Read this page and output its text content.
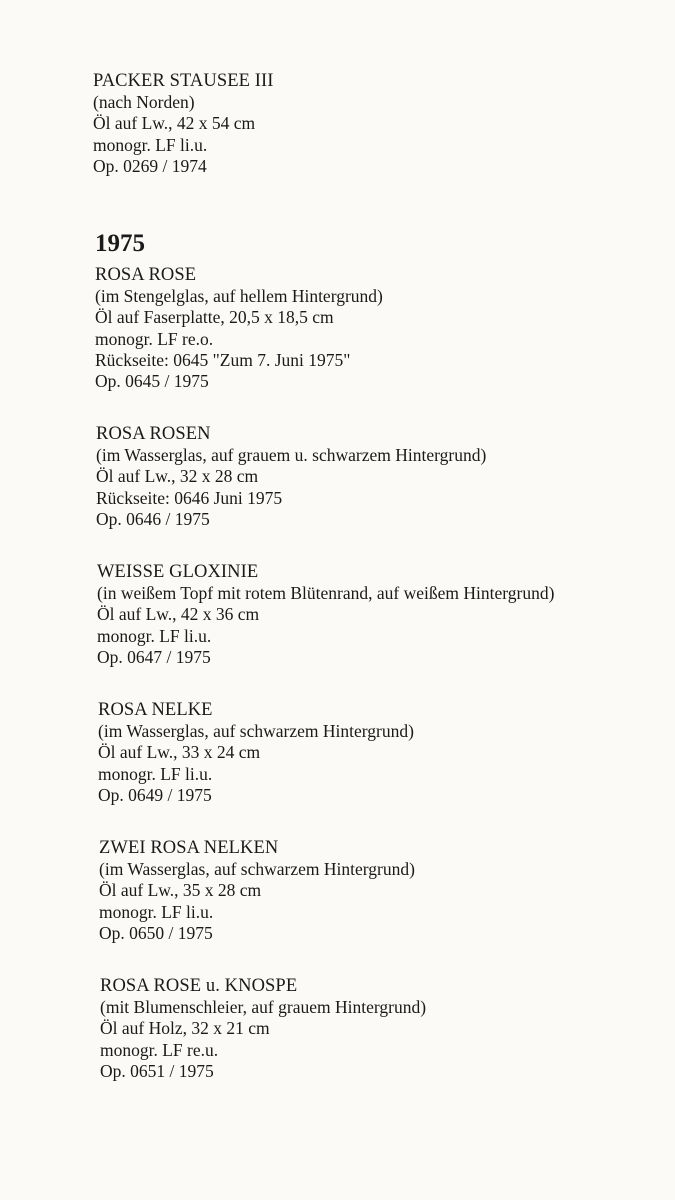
PACKER STAUSEE III
(nach Norden)
Öl auf Lw., 42 x 54 cm
monogr. LF li.u.
Op. 0269 / 1974
1975
ROSA ROSE
(im Stengelglas, auf hellem Hintergrund)
Öl auf Faserplatte, 20,5 x 18,5 cm
monogr. LF re.o.
Rückseite: 0645 "Zum 7. Juni 1975"
Op. 0645 / 1975
ROSA ROSEN
(im Wasserglas, auf grauem u. schwarzem Hintergrund)
Öl auf Lw., 32 x 28 cm
Rückseite: 0646 Juni 1975
Op. 0646 / 1975
WEISSE GLOXINIE
(in weißem Topf mit rotem Blütenrand, auf weißem Hintergrund)
Öl auf Lw., 42 x 36 cm
monogr. LF li.u.
Op. 0647 / 1975
ROSA NELKE
(im Wasserglas, auf schwarzem Hintergrund)
Öl auf Lw., 33 x 24 cm
monogr. LF li.u.
Op. 0649 / 1975
ZWEI ROSA NELKEN
(im Wasserglas, auf schwarzem Hintergrund)
Öl auf Lw., 35 x 28 cm
monogr. LF li.u.
Op. 0650 / 1975
ROSA ROSE u. KNOSPE
(mit Blumenschleier, auf grauem Hintergrund)
Öl auf Holz, 32 x 21 cm
monogr. LF re.u.
Op. 0651 / 1975
